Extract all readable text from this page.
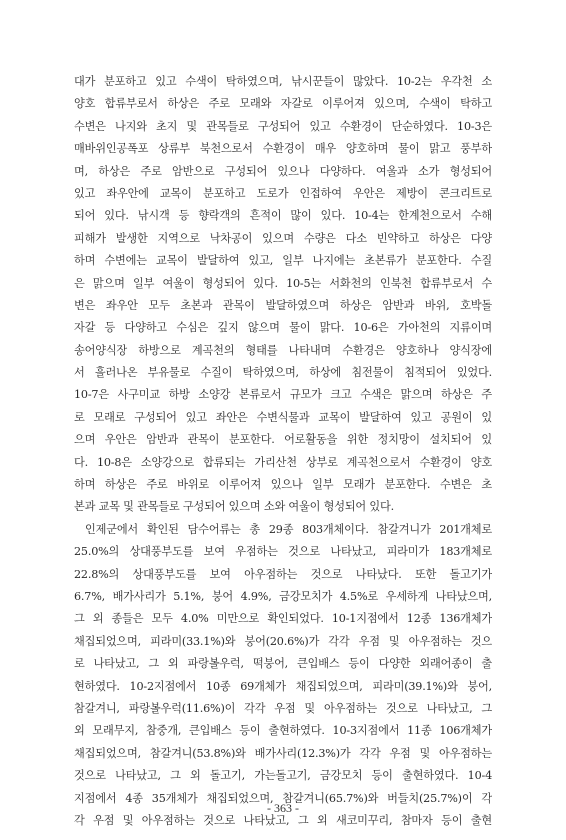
대가 분포하고 있고 수색이 탁하였으며, 낚시꾼들이 많았다. 10-2는 우각천 소
양호 합류부로서 하상은 주로 모래와 자갈로 이루어져 있으며, 수색이 탁하고
수변은 나지와 초지 및 관목들로 구성되어 있고 수환경이 단순하였다. 10-3은
매바위인공폭포 상류부 북천으로서 수환경이 매우 양호하며 물이 맑고 풍부하
며, 하상은 주로 암반으로 구성되어 있으나 다양하다. 여울과 소가 형성되어
있고 좌우안에 교목이 분포하고 도로가 인접하여 우안은 제방이 콘크리트로
되어 있다. 낚시객 등 향락객의 흔적이 많이 있다. 10-4는 한계천으로서 수해
피해가 발생한 지역으로 낙차공이 있으며 수량은 다소 빈약하고 하상은 다양
하며 수변에는 교목이 발달하여 있고, 일부 나지에는 초본류가 분포한다. 수질
은 맑으며 일부 여울이 형성되어 있다. 10-5는 서화천의 인북천 합류부로서 수
변은 좌우안 모두 초본과 관목이 발달하였으며 하상은 암반과 바위, 호박돌
자갈 등 다양하고 수심은 깊지 않으며 물이 맑다. 10-6은 가아천의 지류이며
송어양식장 하방으로 계곡천의 형태를 나타내며 수환경은 양호하나 양식장에
서 흘러나온 부유물로 수질이 탁하였으며, 하상에 침전물이 침적되어 있었다.
10-7은 사구미교 하방 소양강 본류로서 규모가 크고 수색은 맑으며 하상은 주
로 모래로 구성되어 있고 좌안은 수변식물과 교목이 발달하여 있고 공원이 있
으며 우안은 암반과 관목이 분포한다. 어로활동을 위한 정치망이 설치되어 있
다. 10-8은 소양강으로 합류되는 가리산천 상부로 계곡천으로서 수환경이 양호
하며 하상은 주로 바위로 이루어져 있으나 일부 모래가 분포한다. 수변은 초
본과 교목 및 관목들로 구성되어 있으며 소와 여울이 형성되어 있다.
인제군에서 확인된 담수어류는 총 29종 803개체이다. 참갈겨니가 201개체로
25.0%의 상대풍부도를 보여 우점하는 것으로 나타났고, 피라미가 183개체로
22.8%의 상대풍부도를 보여 아우점하는 것으로 나타났다. 또한 돌고기가
6.7%, 배가사리가 5.1%, 붕어 4.9%, 금강모치가 4.5%로 우세하게 나타났으며,
그 외 종들은 모두 4.0% 미만으로 확인되었다. 10-1지점에서 12종 136개체가
채집되었으며, 피라미(33.1%)와 붕어(20.6%)가 각각 우점 및 아우점하는 것으
로 나타났고, 그 외 파랑볼우럭, 떡붕어, 큰입배스 등이 다양한 외래어종이 출
현하였다. 10-2지점에서 10종 69개체가 채집되었으며, 피라미(39.1%)와 붕어,
참갈겨니, 파랑볼우럭(11.6%)이 각각 우점 및 아우점하는 것으로 나타났고, 그
외 모래무지, 참중개, 큰입배스 등이 출현하였다. 10-3지점에서 11종 106개체가
채집되었으며, 참갈겨니(53.8%)와 배가사리(12.3%)가 각각 우점 및 아우점하는
것으로 나타났고, 그 외 돌고기, 가는돌고기, 금강모치 등이 출현하였다. 10-4
지점에서 4종 35개체가 채집되었으며, 참갈겨니(65.7%)와 버들치(25.7%)이 각
각 우점 및 아우점하는 것으로 나타났고, 그 외 새코미꾸리, 참마자 등이 출현
- 363 -
